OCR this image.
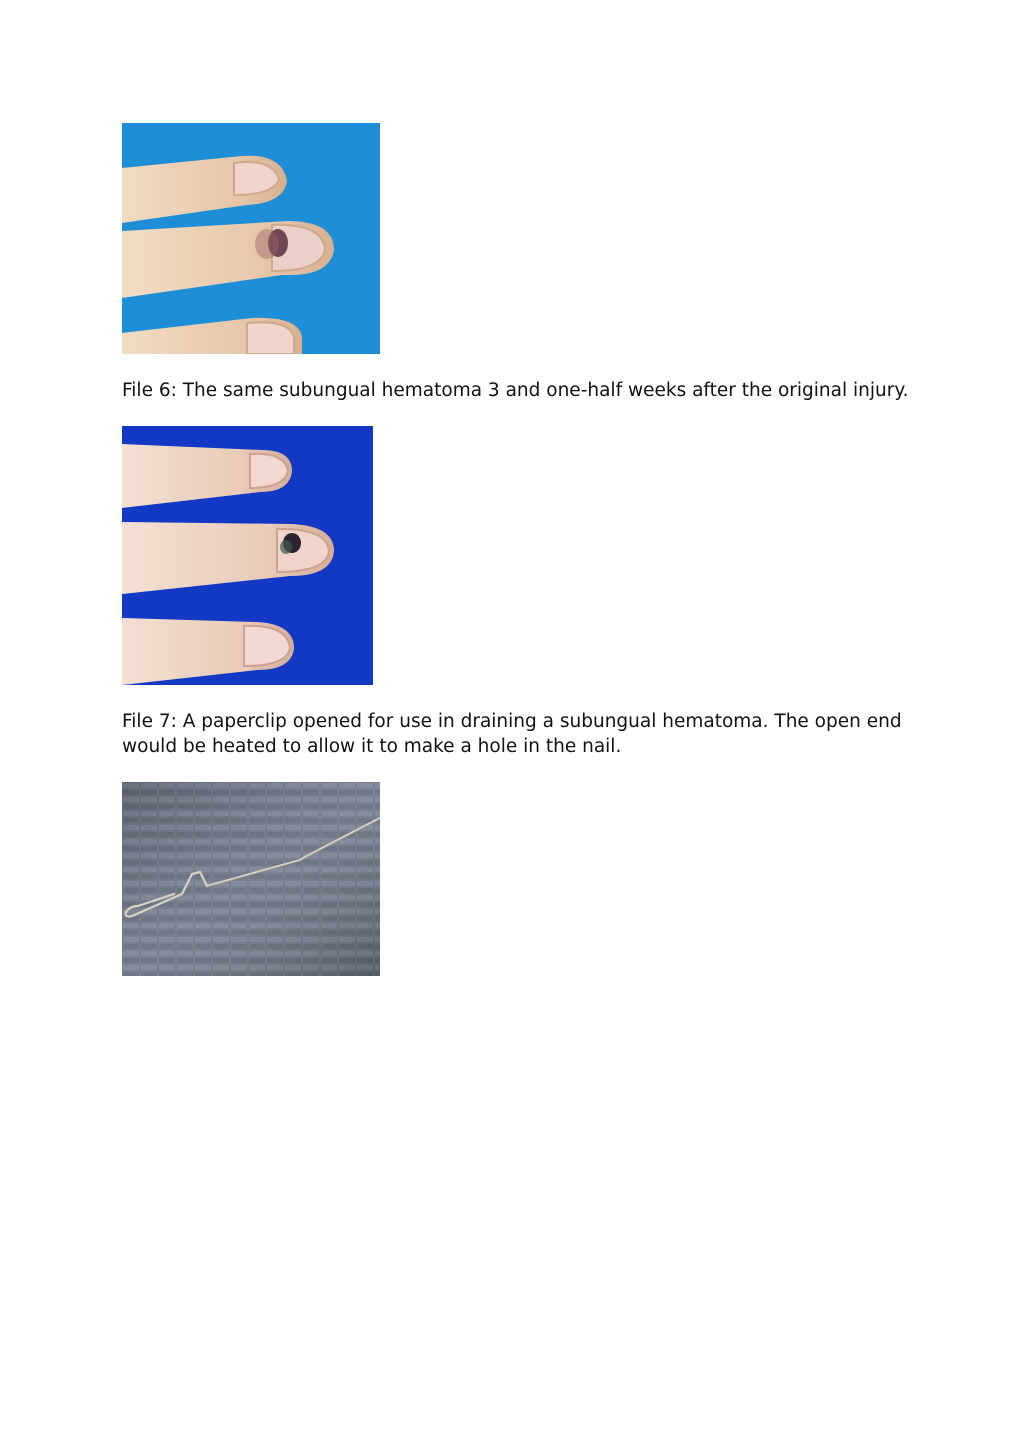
File 6: The same subungual hematoma 3 and one-half weeks after the original injury.

File 7: A paperclip opened for use in draining a subungual hematoma. The open end would be heated to allow it to make a hole in the nail.
